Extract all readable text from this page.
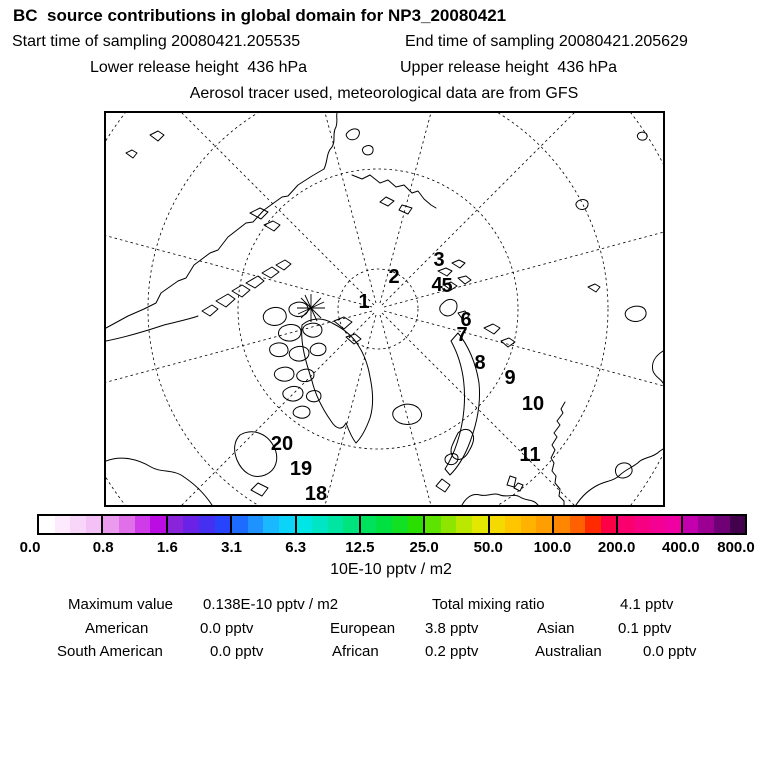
BC  source contributions in global domain for NP3_20080421
Start time of sampling 20080421.205535	End time of sampling 20080421.205629
Lower release height  436 hPa	Upper release height  436 hPa
Aerosol tracer used, meteorological data are from GFS
1
2
3
4
5
6
7
8
9
10
11
18
19
20
0.0	0.8	1.6	3.1	6.3	12.5 25.0 50.0 100.0 200.0 400.0 800.0
10E-10 pptv / m2
Maximum value 0.138E-10 pptv / m2	Total mixing ratio	4.1 pptv
American	0.0 pptv	European 3.8 pptv	Asian	0.1 pptv
South American	0.0 pptv	African	0.2 pptv	Australian	0.0 pptv
